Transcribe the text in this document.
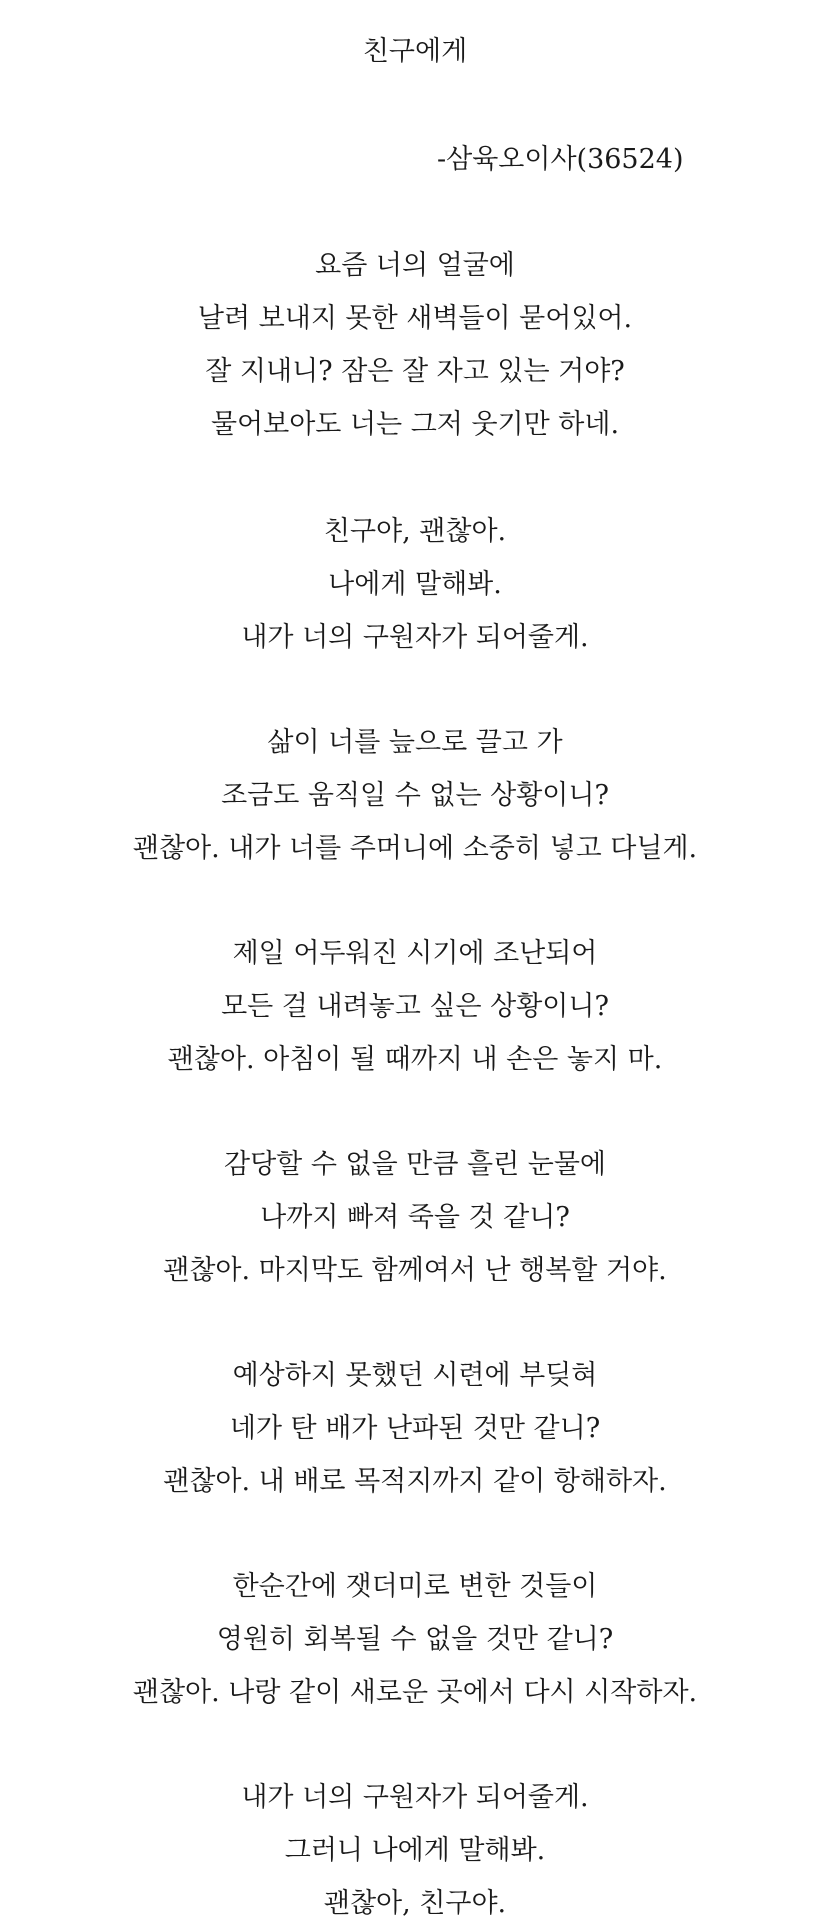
친구에게
-삼육오이사(36524)
요즘 너의 얼굴에
날려 보내지 못한 새벽들이 묻어있어.
잘 지내니? 잠은 잘 자고 있는 거야?
물어보아도 너는 그저 웃기만 하네.
친구야, 괜찮아.
나에게 말해봐.
내가 너의 구원자가 되어줄게.
삶이 너를 늪으로 끌고 가
조금도 움직일 수 없는 상황이니?
괜찮아. 내가 너를 주머니에 소중히 넣고 다닐게.
제일 어두워진 시기에 조난되어
모든 걸 내려놓고 싶은 상황이니?
괜찮아. 아침이 될 때까지 내 손은 놓지 마.
감당할 수 없을 만큼 흘린 눈물에
나까지 빠져 죽을 것 같니?
괜찮아. 마지막도 함께여서 난 행복할 거야.
예상하지 못했던 시련에 부딪혀
네가 탄 배가 난파된 것만 같니?
괜찮아. 내 배로 목적지까지 같이 항해하자.
한순간에 잿더미로 변한 것들이
영원히 회복될 수 없을 것만 같니?
괜찮아. 나랑 같이 새로운 곳에서 다시 시작하자.
내가 너의 구원자가 되어줄게.
그러니 나에게 말해봐.
괜찮아, 친구야.
